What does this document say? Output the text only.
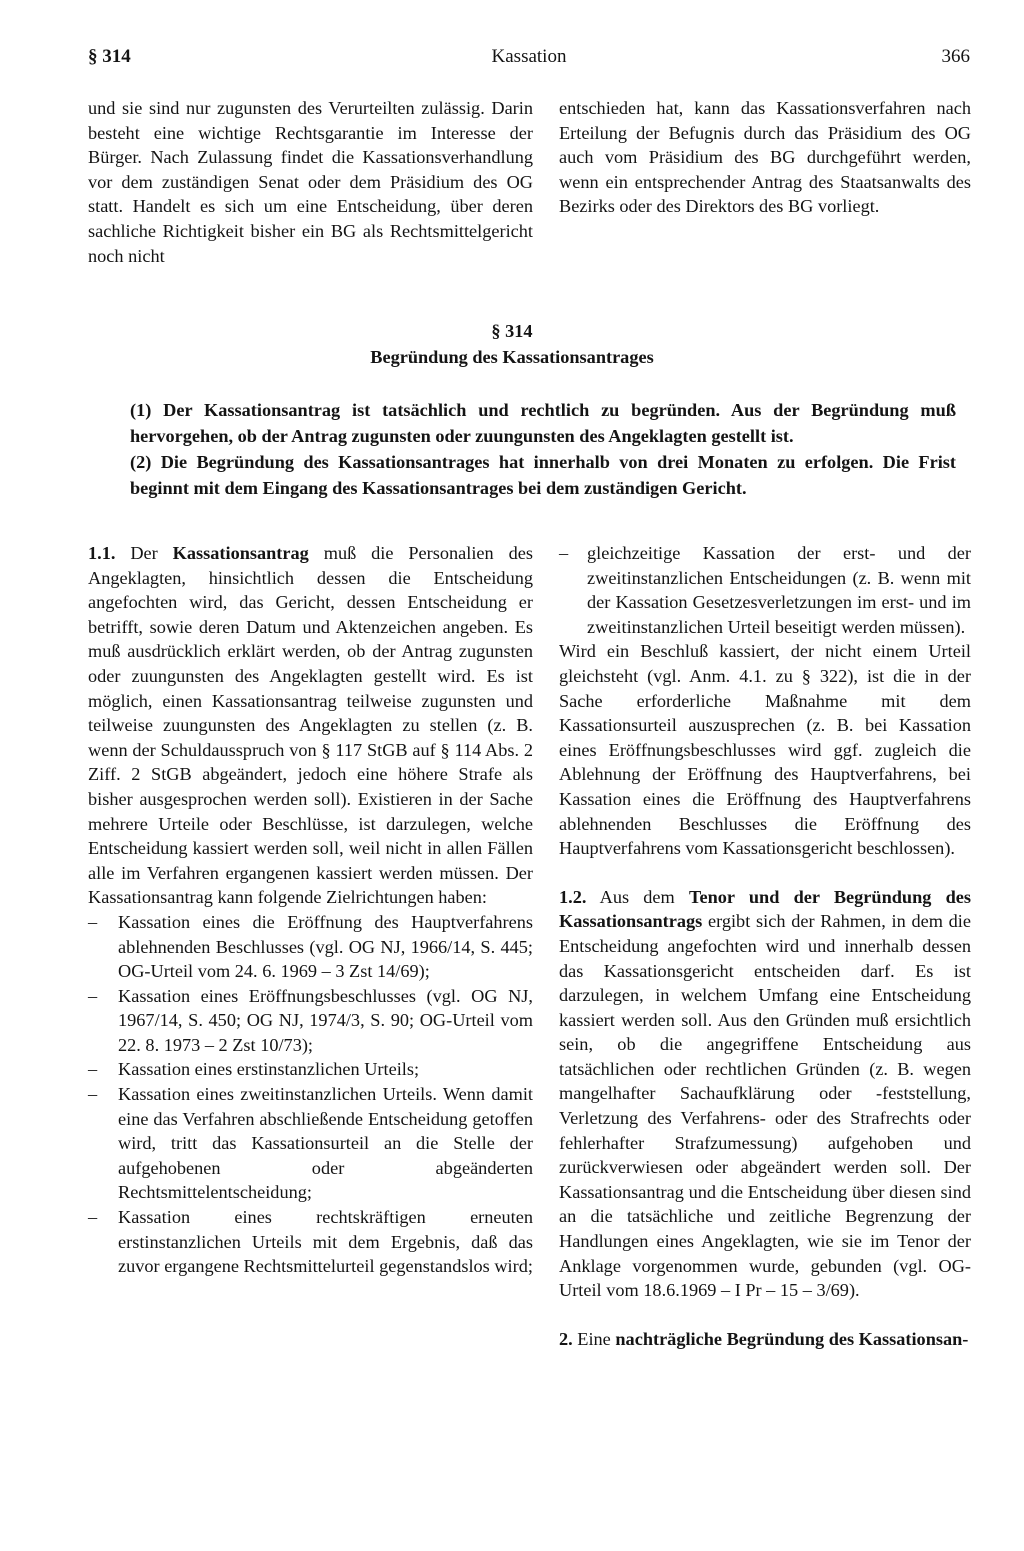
§ 314	Kassation	366

und sie sind nur zugunsten des Verurteilten zulässig. Darin besteht eine wichtige Rechtsgarantie im Interesse der Bürger. Nach Zulassung findet die Kassationsverhandlung vor dem zuständigen Senat oder dem Präsidium des OG statt. Handelt es sich um eine Entscheidung, über deren sachliche Richtigkeit bisher ein BG als Rechtsmittelgericht noch nicht

entschieden hat, kann das Kassationsverfahren nach Erteilung der Befugnis durch das Präsidium des OG auch vom Präsidium des BG durchgeführt werden, wenn ein entsprechender Antrag des Staatsanwalts des Bezirks oder des Direktors des BG vorliegt.

§ 314
Begründung des Kassationsantrages

(1) Der Kassationsantrag ist tatsächlich und rechtlich zu begründen. Aus der Begründung muß hervorgehen, ob der Antrag zugunsten oder zuungunsten des Angeklagten gestellt ist.

(2) Die Begründung des Kassationsantrages hat innerhalb von drei Monaten zu erfolgen. Die Frist beginnt mit dem Eingang des Kassationsantrages bei dem zuständigen Gericht.

1.1. Der Kassationsantrag muß die Personalien des Angeklagten, hinsichtlich dessen die Entscheidung angefochten wird, das Gericht, dessen Entscheidung er betrifft, sowie deren Datum und Aktenzeichen angeben. Es muß ausdrücklich erklärt werden, ob der Antrag zugunsten oder zuungunsten des Angeklagten gestellt wird. Es ist möglich, einen Kassationsantrag teilweise zugunsten und teilweise zuungunsten des Angeklagten zu stellen (z. B. wenn der Schuldausspruch von § 117 StGB auf § 114 Abs. 2 Ziff. 2 StGB abgeändert, jedoch eine höhere Strafe als bisher ausgesprochen werden soll). Existieren in der Sache mehrere Urteile oder Beschlüsse, ist darzulegen, welche Entscheidung kassiert werden soll, weil nicht in allen Fällen alle im Verfahren ergangenen kassiert werden müssen. Der Kassationsantrag kann folgende Zielrichtungen haben:

– Kassation eines die Eröffnung des Hauptverfahrens ablehnenden Beschlusses (vgl. OG NJ, 1966/14, S. 445; OG-Urteil vom 24. 6. 1969 – 3 Zst 14/69);
– Kassation eines Eröffnungsbeschlusses (vgl. OG NJ, 1967/14, S. 450; OG NJ, 1974/3, S. 90; OG-Urteil vom 22. 8. 1973 – 2 Zst 10/73);
– Kassation eines erstinstanzlichen Urteils;
– Kassation eines zweitinstanzlichen Urteils. Wenn damit eine das Verfahren abschließende Entscheidung getoffen wird, tritt das Kassationsurteil an die Stelle der aufgehobenen oder abgeänderten Rechtsmittelentscheidung;
– Kassation eines rechtskräftigen erneuten erstinstanzlichen Urteils mit dem Ergebnis, daß das zuvor ergangene Rechtsmittelurteil gegenstandslos wird;
– gleichzeitige Kassation der erst- und der zweitinstanzlichen Entscheidungen (z. B. wenn mit der Kassation Gesetzesverletzungen im erst- und im zweitinstanzlichen Urteil beseitigt werden müssen).

Wird ein Beschluß kassiert, der nicht einem Urteil gleichsteht (vgl. Anm. 4.1. zu § 322), ist die in der Sache erforderliche Maßnahme mit dem Kassationsurteil auszusprechen (z. B. bei Kassation eines Eröffnungsbeschlusses wird ggf. zugleich die Ablehnung der Eröffnung des Hauptverfahrens, bei Kassation eines die Eröffnung des Hauptverfahrens ablehnenden Beschlusses die Eröffnung des Hauptverfahrens vom Kassationsgericht beschlossen).

1.2. Aus dem Tenor und der Begründung des Kassationsantrags ergibt sich der Rahmen, in dem die Entscheidung angefochten wird und innerhalb dessen das Kassationsgericht entscheiden darf. Es ist darzulegen, in welchem Umfang eine Entscheidung kassiert werden soll. Aus den Gründen muß ersichtlich sein, ob die angegriffene Entscheidung aus tatsächlichen oder rechtlichen Gründen (z. B. wegen mangelhafter Sachaufklärung oder -feststellung, Verletzung des Verfahrens- oder des Strafrechts oder fehlerhafter Strafzumessung) aufgehoben und zurückverwiesen oder abgeändert werden soll. Der Kassationsantrag und die Entscheidung über diesen sind an die tatsächliche und zeitliche Begrenzung der Handlungen eines Angeklagten, wie sie im Tenor der Anklage vorgenommen wurde, gebunden (vgl. OG-Urteil vom 18.6.1969 – I Pr – 15 – 3/69).

2. Eine nachträgliche Begründung des Kassationsan-
